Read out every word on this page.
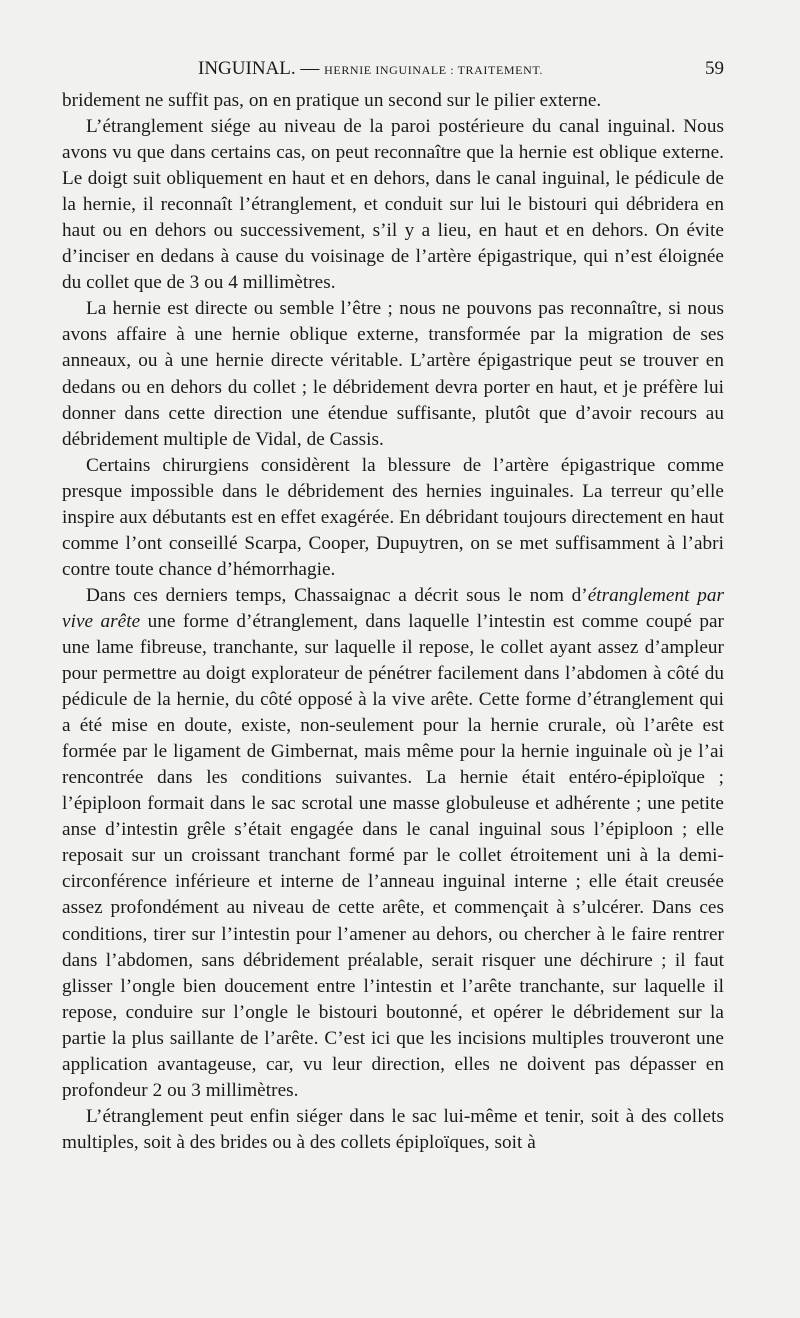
INGUINAL. — HERNIE INGUINALE : TRAITEMENT.	59

bridement ne suffit pas, on en pratique un second sur le pilier externe.

L’étranglement siége au niveau de la paroi postérieure du canal inguinal. Nous avons vu que dans certains cas, on peut reconnaître que la hernie est oblique externe. Le doigt suit obliquement en haut et en dehors, dans le canal inguinal, le pédicule de la hernie, il reconnaît l’étranglement, et conduit sur lui le bistouri qui débridera en haut ou en dehors ou successivement, s’il y a lieu, en haut et en dehors. On évite d’inciser en dedans à cause du voisinage de l’artère épigastrique, qui n’est éloignée du collet que de 3 ou 4 millimètres.

La hernie est directe ou semble l’être ; nous ne pouvons pas reconnaître, si nous avons affaire à une hernie oblique externe, transformée par la migration de ses anneaux, ou à une hernie directe véritable. L’artère épigastrique peut se trouver en dedans ou en dehors du collet ; le débridement devra porter en haut, et je préfère lui donner dans cette direction une étendue suffisante, plutôt que d’avoir recours au débridement multiple de Vidal, de Cassis.

Certains chirurgiens considèrent la blessure de l’artère épigastrique comme presque impossible dans le débridement des hernies inguinales. La terreur qu’elle inspire aux débutants est en effet exagérée. En débridant toujours directement en haut comme l’ont conseillé Scarpa, Cooper, Dupuytren, on se met suffisamment à l’abri contre toute chance d’hémorrhagie.

Dans ces derniers temps, Chassaignac a décrit sous le nom d’étranglement par vive arête une forme d’étranglement, dans laquelle l’intestin est comme coupé par une lame fibreuse, tranchante, sur laquelle il repose, le collet ayant assez d’ampleur pour permettre au doigt explorateur de pénétrer facilement dans l’abdomen à côté du pédicule de la hernie, du côté opposé à la vive arête. Cette forme d’étranglement qui a été mise en doute, existe, non-seulement pour la hernie crurale, où l’arête est formée par le ligament de Gimbernat, mais même pour la hernie inguinale où je l’ai rencontrée dans les conditions suivantes. La hernie était entéro-épiploïque ; l’épiploon formait dans le sac scrotal une masse globuleuse et adhérente ; une petite anse d’intestin grêle s’était engagée dans le canal inguinal sous l’épiploon ; elle reposait sur un croissant tranchant formé par le collet étroitement uni à la demi-circonférence inférieure et interne de l’anneau inguinal interne ; elle était creusée assez profondément au niveau de cette arête, et commençait à s’ulcérer. Dans ces conditions, tirer sur l’intestin pour l’amener au dehors, ou chercher à le faire rentrer dans l’abdomen, sans débridement préalable, serait risquer une déchirure ; il faut glisser l’ongle bien doucement entre l’intestin et l’arête tranchante, sur laquelle il repose, conduire sur l’ongle le bistouri boutonné, et opérer le débridement sur la partie la plus saillante de l’arête. C’est ici que les incisions multiples trouveront une application avantageuse, car, vu leur direction, elles ne doivent pas dépasser en profondeur 2 ou 3 millimètres.

L’étranglement peut enfin siéger dans le sac lui-même et tenir, soit à des collets multiples, soit à des brides ou à des collets épiploïques, soit à
